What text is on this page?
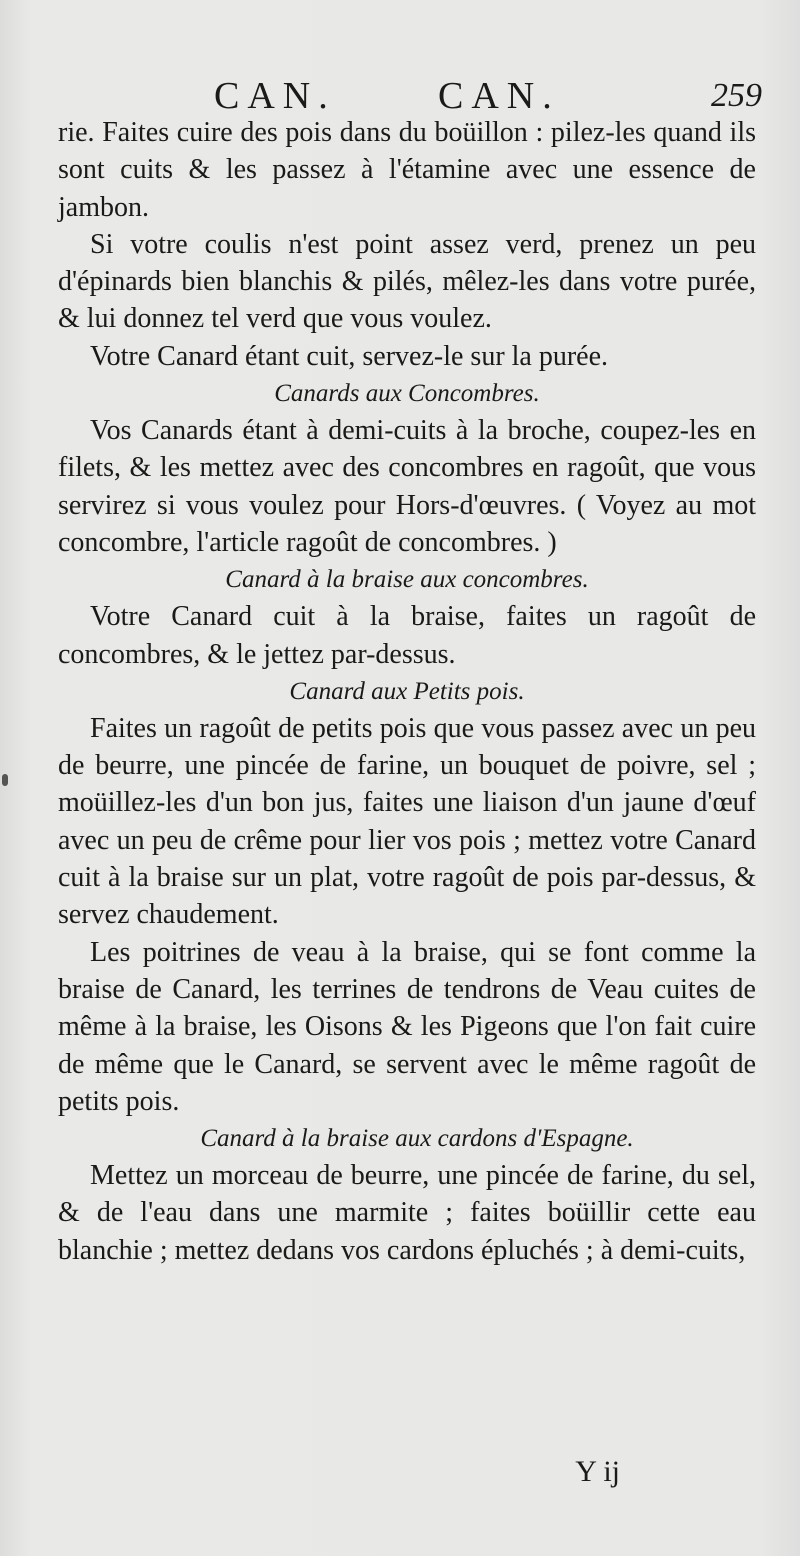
CAN.	CAN.	259

rie. Faites cuire des pois dans du boüillon : pilez-les quand ils sont cuits & les passez à l'étamine avec une essence de jambon.

Si votre coulis n'est point assez verd, prenez un peu d'épinards bien blanchis & pilés, mêlez-les dans votre purée, & lui donnez tel verd que vous voulez.

Votre Canard étant cuit, servez-le sur la purée.

Canards aux Concombres.

Vos Canards étant à demi-cuits à la broche, coupez-les en filets, & les mettez avec des concombres en ragoût, que vous servirez si vous voulez pour Hors-d'œuvres. ( Voyez au mot concombre, l'article ragoût de concombres. )

Canard à la braise aux concombres.

Votre Canard cuit à la braise, faites un ragoût de concombres, & le jettez par-dessus.

Canard aux Petits pois.

Faites un ragoût de petits pois que vous passez avec un peu de beurre, une pincée de farine, un bouquet de poivre, sel ; moüillez-les d'un bon jus, faites une liaison d'un jaune d'œuf avec un peu de crême pour lier vos pois ; mettez votre Canard cuit à la braise sur un plat, votre ragoût de pois par-dessus, & servez chaudement.

Les poitrines de veau à la braise, qui se font comme la braise de Canard, les terrines de tendrons de Veau cuites de même à la braise, les Oisons & les Pigeons que l'on fait cuire de même que le Canard, se servent avec le même ragoût de petits pois.

Canard à la braise aux cardons d'Espagne.

Mettez un morceau de beurre, une pincée de farine, du sel, & de l'eau dans une marmite ; faites boüillir cette eau blanchie ; mettez dedans vos cardons épluchés ; à demi-cuits,

Y ij
